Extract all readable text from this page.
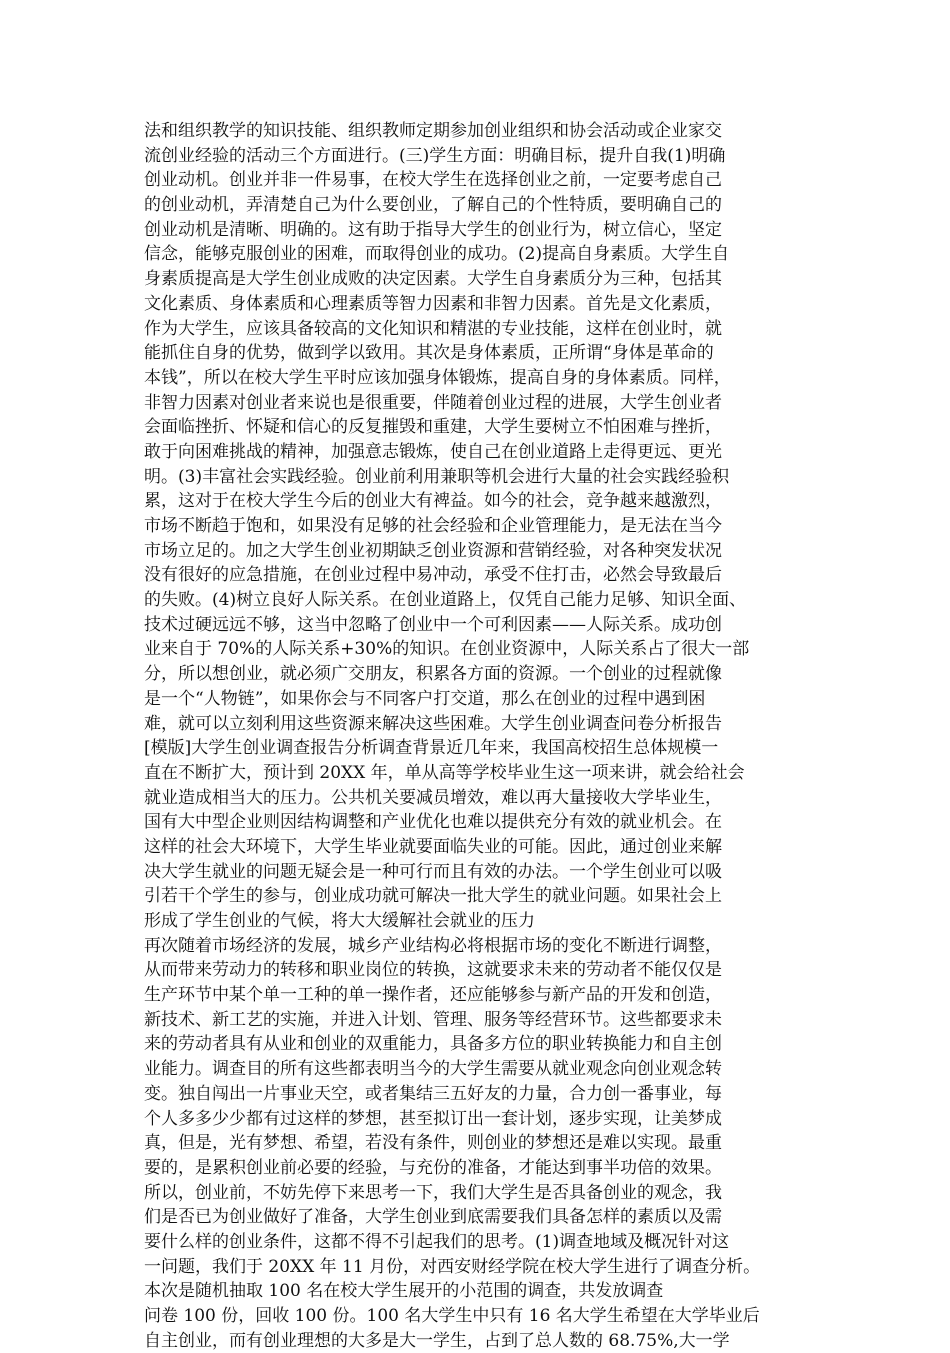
法和组织教学的知识技能、组织教师定期参加创业组织和协会活动或企业家交
流创业经验的活动三个方面进行。(三)学生方面：明确目标，提升自我(1)明确
创业动机。创业并非一件易事，在校大学生在选择创业之前，一定要考虑自己
的创业动机，弄清楚自己为什么要创业，了解自己的个性特质，要明确自己的
创业动机是清晰、明确的。这有助于指导大学生的创业行为，树立信心，坚定
信念，能够克服创业的困难，而取得创业的成功。(2)提高自身素质。大学生自
身素质提高是大学生创业成败的决定因素。大学生自身素质分为三种，包括其
文化素质、身体素质和心理素质等智力因素和非智力因素。首先是文化素质，
作为大学生，应该具备较高的文化知识和精湛的专业技能，这样在创业时，就
能抓住自身的优势，做到学以致用。其次是身体素质，正所谓“身体是革命的
本钱”，所以在校大学生平时应该加强身体锻炼，提高自身的身体素质。同样，
非智力因素对创业者来说也是很重要，伴随着创业过程的进展，大学生创业者
会面临挫折、怀疑和信心的反复摧毁和重建，大学生要树立不怕困难与挫折，
敢于向困难挑战的精神，加强意志锻炼，使自己在创业道路上走得更远、更光
明。(3)丰富社会实践经验。创业前利用兼职等机会进行大量的社会实践经验积
累，这对于在校大学生今后的创业大有裨益。如今的社会，竞争越来越激烈，
市场不断趋于饱和，如果没有足够的社会经验和企业管理能力，是无法在当今
市场立足的。加之大学生创业初期缺乏创业资源和营销经验，对各种突发状况
没有很好的应急措施，在创业过程中易冲动，承受不住打击，必然会导致最后
的失败。(4)树立良好人际关系。在创业道路上，仅凭自己能力足够、知识全面、
技术过硬远远不够，这当中忽略了创业中一个可利因素——人际关系。成功创
业来自于 70%的人际关系+30%的知识。在创业资源中，人际关系占了很大一部
分，所以想创业，就必须广交朋友，积累各方面的资源。一个创业的过程就像
是一个“人物链”，如果你会与不同客户打交道，那么在创业的过程中遇到困
难，就可以立刻利用这些资源来解决这些困难。大学生创业调查问卷分析报告
[模版]大学生创业调查报告分析调查背景近几年来，我国高校招生总体规模一
直在不断扩大，预计到 20XX 年，单从高等学校毕业生这一项来讲，就会给社会
就业造成相当大的压力。公共机关要减员增效，难以再大量接收大学毕业生，
国有大中型企业则因结构调整和产业优化也难以提供充分有效的就业机会。在
这样的社会大环境下，大学生毕业就要面临失业的可能。因此，通过创业来解
决大学生就业的问题无疑会是一种可行而且有效的办法。一个学生创业可以吸
引若干个学生的参与，创业成功就可解决一批大学生的就业问题。如果社会上
形成了学生创业的气候，将大大缓解社会就业的压力
再次随着市场经济的发展，城乡产业结构必将根据市场的变化不断进行调整，
从而带来劳动力的转移和职业岗位的转换，这就要求未来的劳动者不能仅仅是
生产环节中某个单一工种的单一操作者，还应能够参与新产品的开发和创造，
新技术、新工艺的实施，并进入计划、管理、服务等经营环节。这些都要求未
来的劳动者具有从业和创业的双重能力，具备多方位的职业转换能力和自主创
业能力。调查目的所有这些都表明当今的大学生需要从就业观念向创业观念转
变。独自闯出一片事业天空，或者集结三五好友的力量，合力创一番事业，每
个人多多少少都有过这样的梦想，甚至拟订出一套计划，逐步实现，让美梦成
真，但是，光有梦想、希望，若没有条件，则创业的梦想还是难以实现。最重
要的，是累积创业前必要的经验，与充份的准备，才能达到事半功倍的效果。
所以，创业前，不妨先停下来思考一下，我们大学生是否具备创业的观念，我
们是否已为创业做好了准备，大学生创业到底需要我们具备怎样的素质以及需
要什么样的创业条件，这都不得不引起我们的思考。(1)调查地域及概况针对这
一问题，我们于 20XX 年 11 月份，对西安财经学院在校大学生进行了调查分析。
本次是随机抽取 100 名在校大学生展开的小范围的调查，共发放调查
问卷 100 份，回收 100 份。100 名大学生中只有 16 名大学生希望在大学毕业后
自主创业，而有创业理想的大多是大一学生，占到了总人数的 68.75%,大一学
